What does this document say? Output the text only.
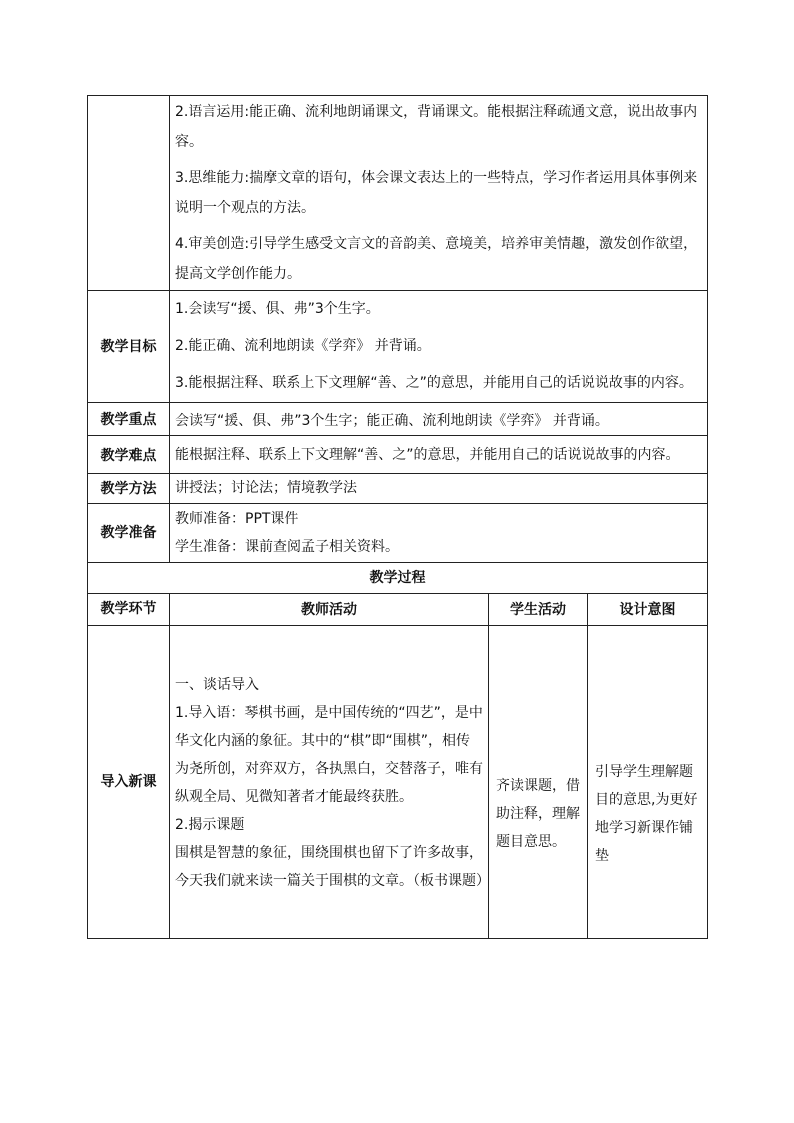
	2.语言运用:能正确、流利地朗诵课文，背诵课文。能根据注释疏通文意，说出故事内容。
3.思维能力:揣摩文章的语句，体会课文表达上的一些特点，学习作者运用具体事例来说明一个观点的方法。
4.审美创造:引导学生感受文言文的音韵美、意境美，培养审美情趣，激发创作欲望，提高文学创作能力。		

教学目标	1.会读写“援、俱、弗”3个生字。
2.能正确、流利地朗读《学弈》 并背诵。
3.能根据注释、联系上下文理解“善、之”的意思，并能用自己的话说说故事的内容。		

教学重点	会读写“援、俱、弗”3个生字；能正确、流利地朗读《学弈》 并背诵。		
教学难点	能根据注释、联系上下文理解“善、之”的意思，并能用自己的话说说故事的内容。		
教学方法	讲授法；讨论法；情境教学法		
教学准备	教师准备：PPT课件
学生准备：课前查阅孟子相关资料。		

教学过程			
教学环节	教师活动	学生活动	设计意图
导入新课	一、谈话导入
1.导入语：琴棋书画，是中国传统的“四艺”，是中华文化内涵的象征。其中的“棋”即“围棋”，相传为尧所创，对弈双方，各执黑白，交替落子，唯有纵观全局、见微知著者才能最终获胜。
2.揭示课题
围棋是智慧的象征，围绕围棋也留下了许多故事，今天我们就来读一篇关于围棋的文章。（板书课题）	齐读课题，借助注释，理解题目意思。	引导学生理解题目的意思,为更好地学习新课作铺垫
